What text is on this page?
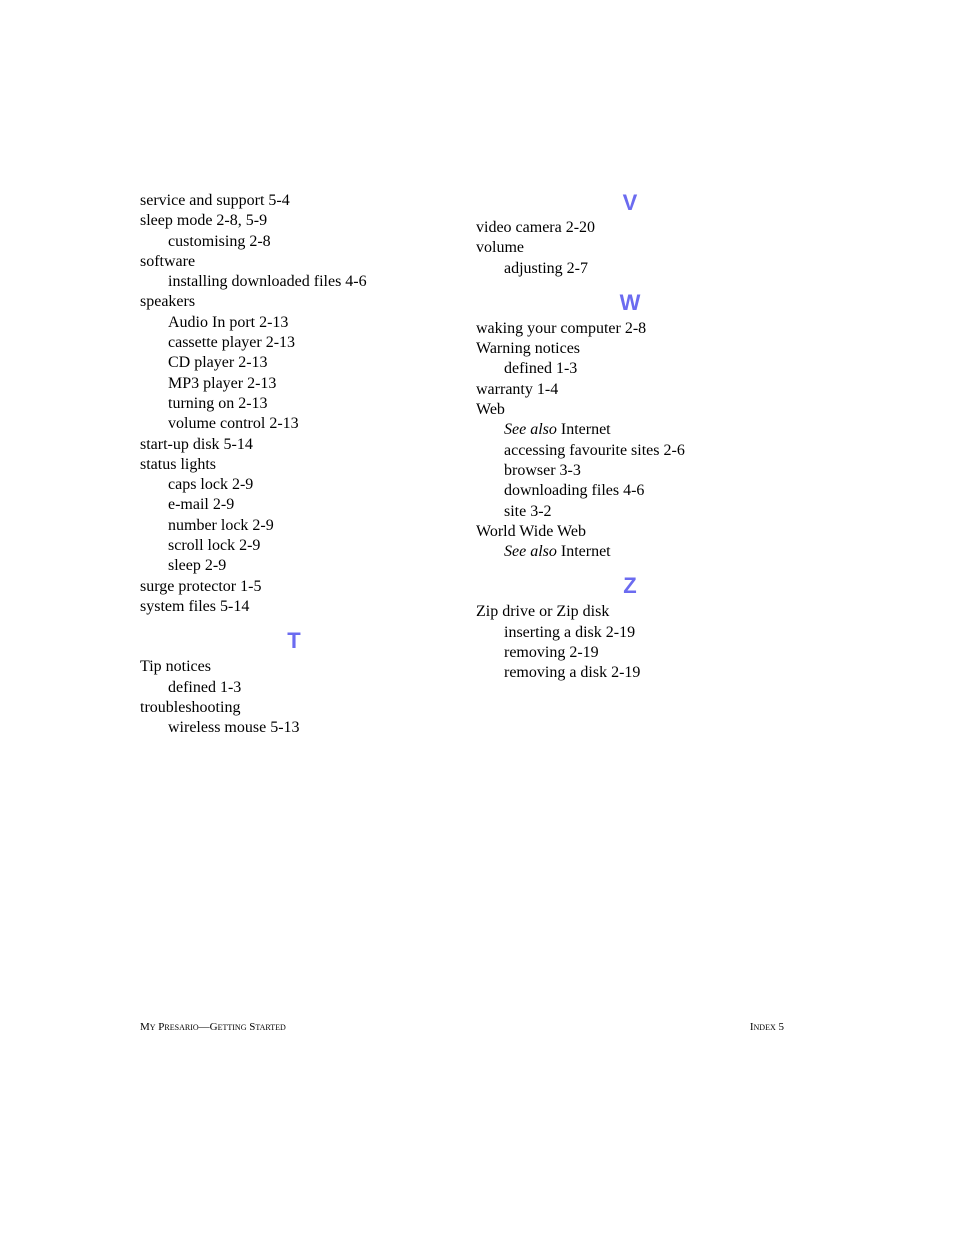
service and support 5-4
sleep mode 2-8, 5-9
customising 2-8
software
installing downloaded files 4-6
speakers
Audio In port 2-13
cassette player 2-13
CD player 2-13
MP3 player 2-13
turning on 2-13
volume control 2-13
start-up disk 5-14
status lights
caps lock 2-9
e-mail 2-9
number lock 2-9
scroll lock 2-9
sleep 2-9
surge protector 1-5
system files 5-14
T
Tip notices
defined 1-3
troubleshooting
wireless mouse 5-13
V
video camera 2-20
volume
adjusting 2-7
W
waking your computer 2-8
Warning notices
defined 1-3
warranty 1-4
Web
See also Internet
accessing favourite sites 2-6
browser 3-3
downloading files 4-6
site 3-2
World Wide Web
See also Internet
Z
Zip drive or Zip disk
inserting a disk 2-19
removing 2-19
removing a disk 2-19
My Presario—Getting Started	Index 5
